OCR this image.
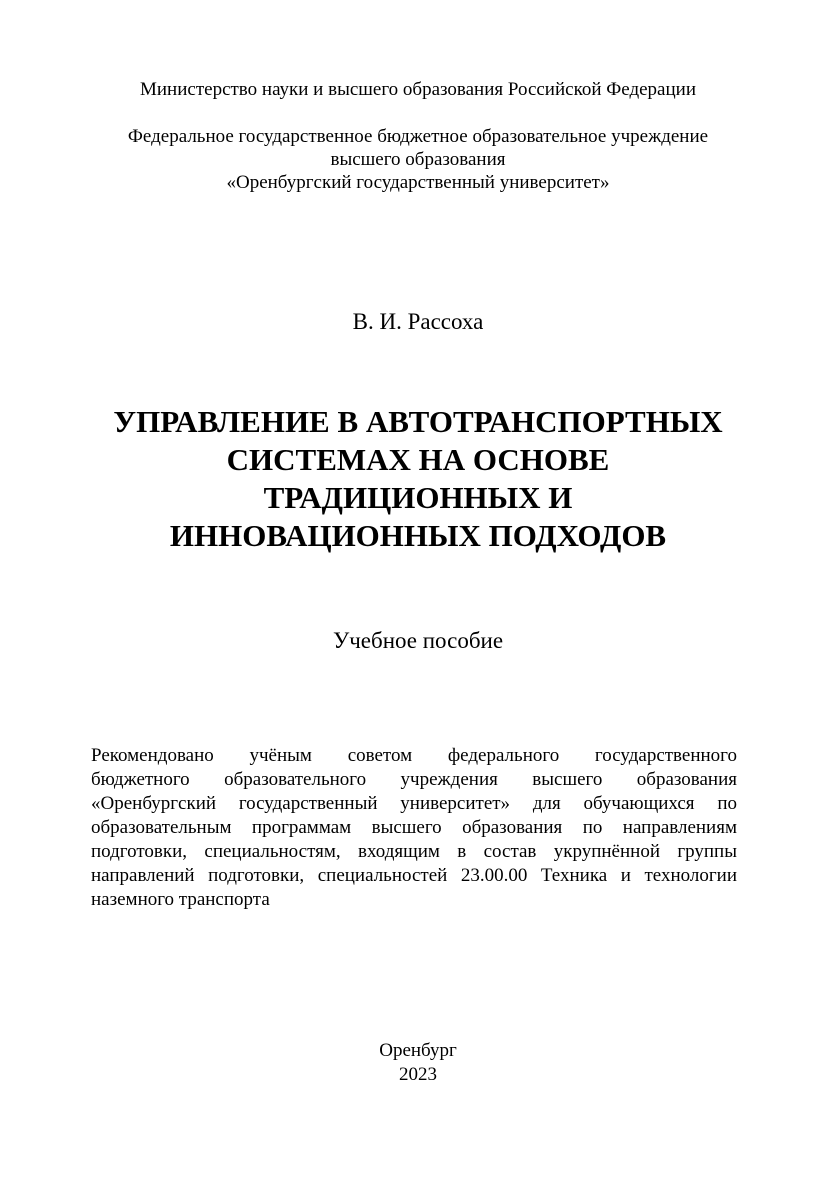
Министерство науки и высшего образования Российской Федерации
Федеральное государственное бюджетное образовательное учреждение
высшего образования
«Оренбургский государственный университет»
В. И. Рассоха
УПРАВЛЕНИЕ В АВТОТРАНСПОРТНЫХ
СИСТЕМАХ НА ОСНОВЕ
ТРАДИЦИОННЫХ И
ИННОВАЦИОННЫХ ПОДХОДОВ
Учебное пособие
Рекомендовано учёным советом федерального государственного
бюджетного образовательного учреждения высшего образования
«Оренбургский государственный университет» для обучающихся по
образовательным программам высшего образования по направлениям
подготовки, специальностям, входящим в состав укрупнённой группы
направлений подготовки, специальностей 23.00.00 Техника и технологии
наземного транспорта
Оренбург
2023
